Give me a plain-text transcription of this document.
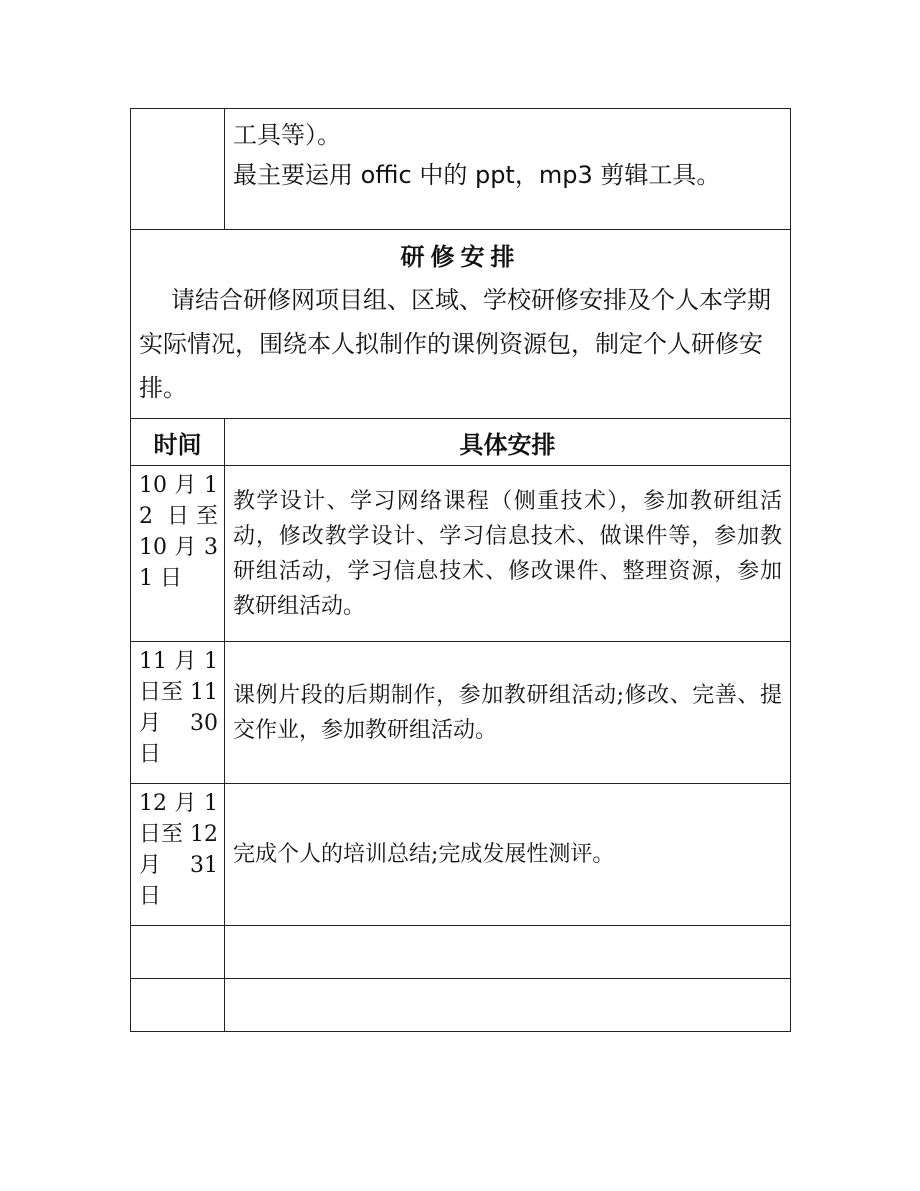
	工具等）。

最主要运用 offic 中的 ppt，mp3 剪辑工具。

研修安排

请结合研修网项目组、区域、学校研修安排及个人本学期实际情况，围绕本人拟制作的课例资源包，制定个人研修安排。	

时间	具体安排
10 月 12 日至 10 月 31 日	教学设计、学习网络课程（侧重技术），参加教研组活动，修改教学设计、学习信息技术、做课件等，参加教研组活动，学习信息技术、修改课件、整理资源，参加教研组活动。
11 月 1 日至 11 月 30 日	课例片段的后期制作，参加教研组活动;修改、完善、提交作业，参加教研组活动。
12 月 1 日至 12 月 31 日	完成个人的培训总结;完成发展性测评。
